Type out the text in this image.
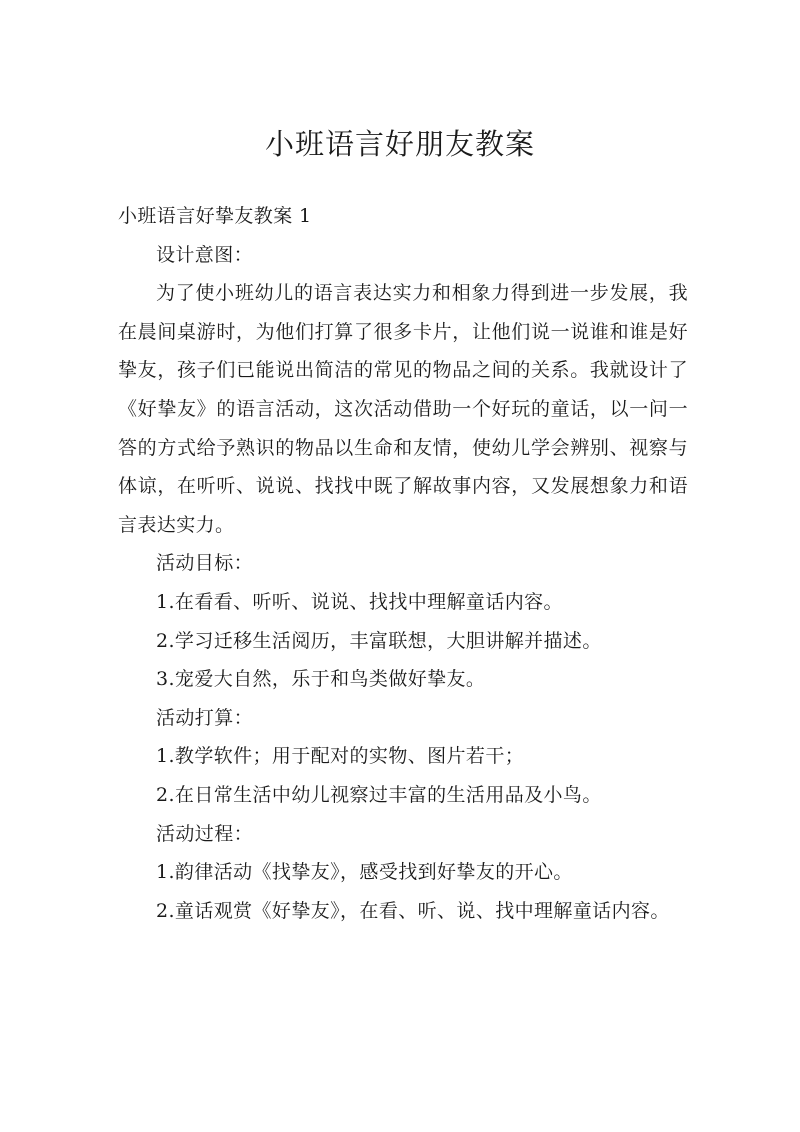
小班语言好朋友教案

小班语言好挚友教案 1

设计意图：

为了使小班幼儿的语言表达实力和相象力得到进一步发展，我在晨间桌游时，为他们打算了很多卡片，让他们说一说谁和谁是好挚友，孩子们已能说出简洁的常见的物品之间的关系。我就设计了《好挚友》的语言活动，这次活动借助一个好玩的童话，以一问一答的方式给予熟识的物品以生命和友情，使幼儿学会辨别、视察与体谅，在听听、说说、找找中既了解故事内容，又发展想象力和语言表达实力。

活动目标：

1.在看看、听听、说说、找找中理解童话内容。

2.学习迁移生活阅历，丰富联想，大胆讲解并描述。

3.宠爱大自然，乐于和鸟类做好挚友。

活动打算：

1.教学软件；用于配对的实物、图片若干；

2.在日常生活中幼儿视察过丰富的生活用品及小鸟。

活动过程：

1.韵律活动《找挚友》，感受找到好挚友的开心。

2.童话观赏《好挚友》，在看、听、说、找中理解童话内容。
